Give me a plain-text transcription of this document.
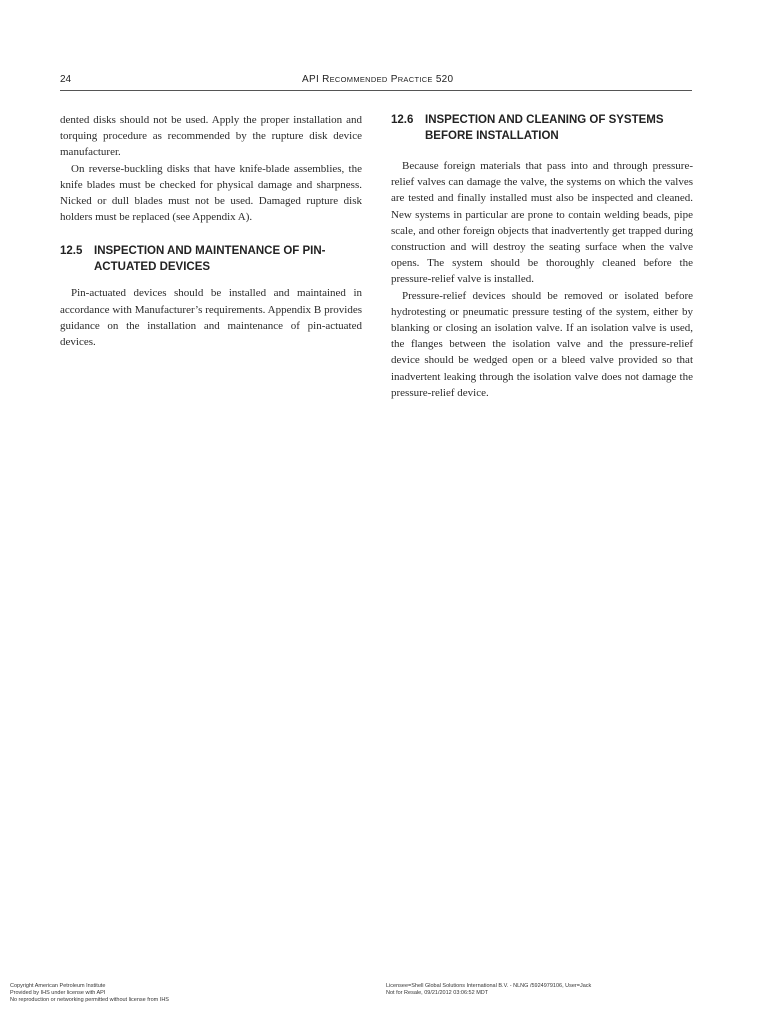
24	API RECOMMENDED PRACTICE 520

dented disks should not be used. Apply the proper installation and torquing procedure as recommended by the rupture disk device manufacturer.

On reverse-buckling disks that have knife-blade assemblies, the knife blades must be checked for physical damage and sharpness. Nicked or dull blades must not be used. Damaged rupture disk holders must be replaced (see Appendix A).

12.5	INSPECTION AND MAINTENANCE OF PIN-ACTUATED DEVICES

Pin-actuated devices should be installed and maintained in accordance with Manufacturer’s requirements. Appendix B provides guidance on the installation and maintenance of pin-actuated devices.

12.6	INSPECTION AND CLEANING OF SYSTEMS BEFORE INSTALLATION

Because foreign materials that pass into and through pressure-relief valves can damage the valve, the systems on which the valves are tested and finally installed must also be inspected and cleaned. New systems in particular are prone to contain welding beads, pipe scale, and other foreign objects that inadvertently get trapped during construction and will destroy the seating surface when the valve opens. The system should be thoroughly cleaned before the pressure-relief valve is installed.

Pressure-relief devices should be removed or isolated before hydrotesting or pneumatic pressure testing of the system, either by blanking or closing an isolation valve. If an isolation valve is used, the flanges between the isolation valve and the pressure-relief device should be wedged open or a bleed valve provided so that inadvertent leaking through the isolation valve does not damage the pressure-relief device.

Copyright American Petroleum Institute
Provided by IHS under license with API
No reproduction or networking permitted without license from IHS
Licensee=Shell Global Solutions International B.V. - NLNG /5924979106, User=Jack
Not for Resale, 09/21/2012 03:06:52 MDT
